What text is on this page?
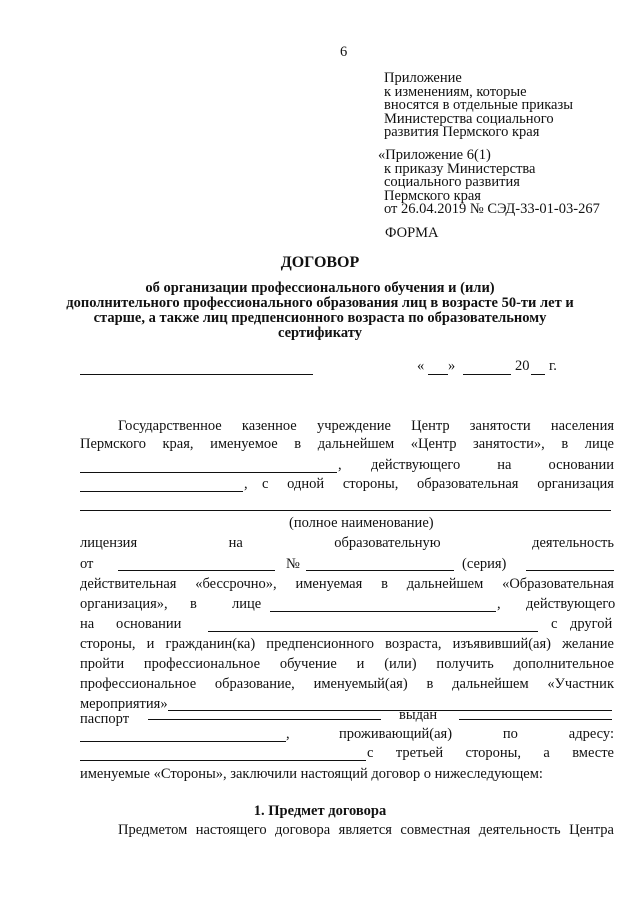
6
Приложение
к изменениям, которые
вносятся в отдельные приказы
Министерства социального
развития Пермского края
«Приложение 6(1)
к приказу Министерства
социального развития
Пермского края
от 26.04.2019 № СЭД-33-01-03-267
ФОРМА
ДОГОВОР
об организации профессионального обучения и (или)
дополнительного профессионального образования лиц в возрасте 50-ти лет и
старше, а также лиц предпенсионного возраста по образовательному
сертификату
« »	20 г.
Государственное казенное учреждение Центр занятости населения
Пермского края, именуемое в дальнейшем «Центр занятости», в лице
, действующего	на	основании
, с одной стороны, образовательная организация
(полное наименование)
лицензия	на	образовательную	деятельность
от	№	(серия)
действительная «бессрочно», именуемая в дальнейшем «Образовательная
организация», в лице	, действующего
на основании	с другой
стороны, и гражданин(ка) предпенсионного возраста, изъявивший(ая) желание
пройти профессиональное обучение и (или) получить дополнительное
профессиональное образование, именуемый(ая) в дальнейшем «Участник
мероприятия»
паспорт	выдан
,	проживающий(ая)	по	адресу:
с третьей стороны, а вместе
именуемые «Стороны», заключили настоящий договор о нижеследующем:
1. Предмет договора
Предметом настоящего договора является совместная деятельность Центра
